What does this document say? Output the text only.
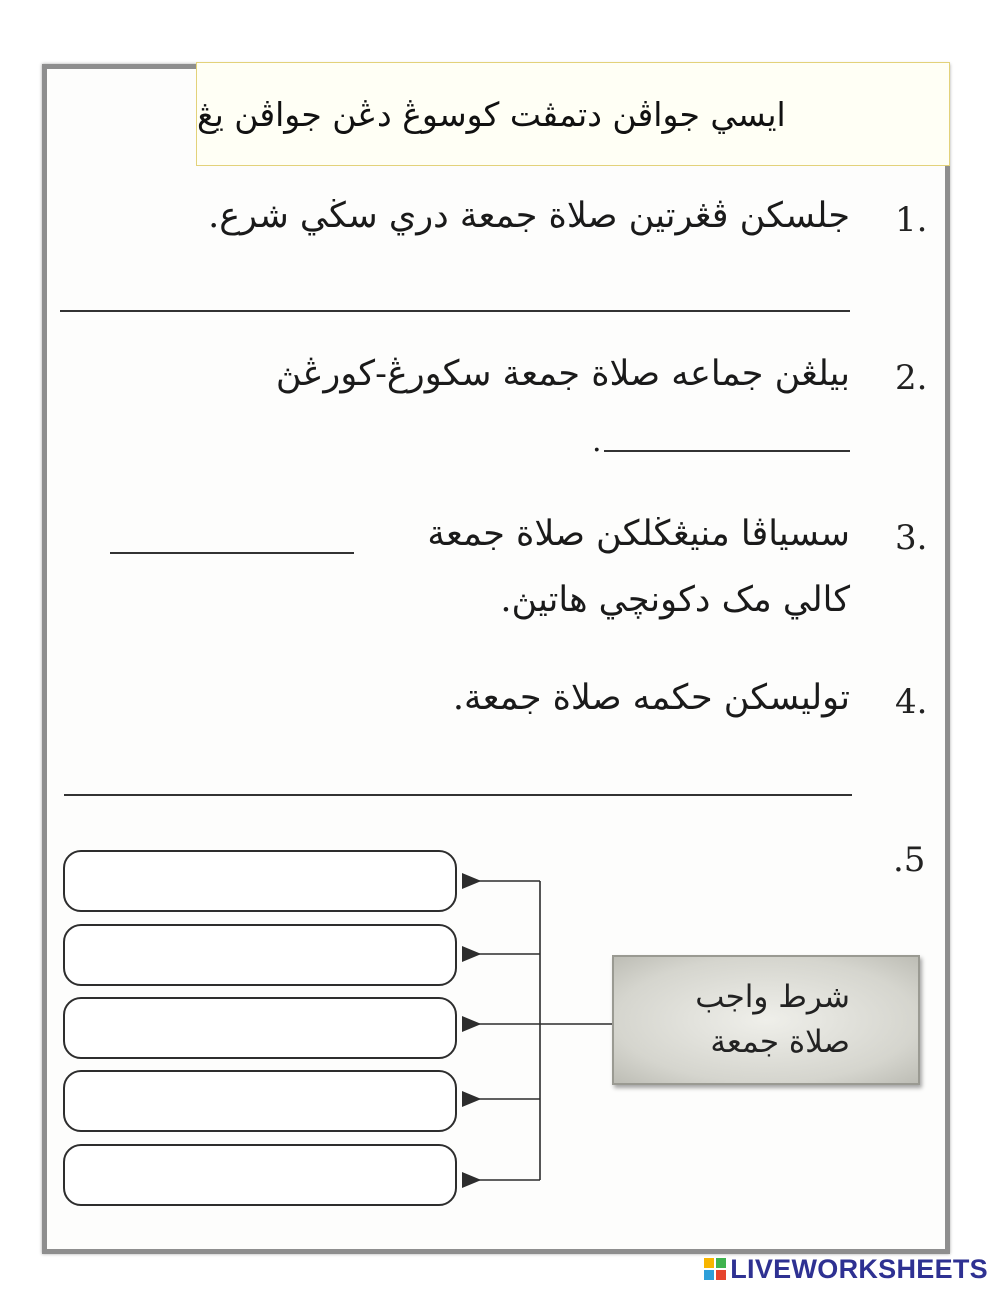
ايسي جواڤن دتمڤت كوسوڠ دڠن جواڤن يڠ
1.
جلسكن ڤڠرتين صلاة جمعة دري سڬي شرع.
2.
بيلڠن جماعه صلاة جمعة سکورڠ-کورڠڽ
.
3.
سسياڤا منيڠڬلكن صلاة جمعة
كالي مک دكونچي هاتيڽ.
4.
توليسكن حكمه صلاة جمعة.
.5
شرط واجب
صلاة جمعة
LIVEWORKSHEETS
